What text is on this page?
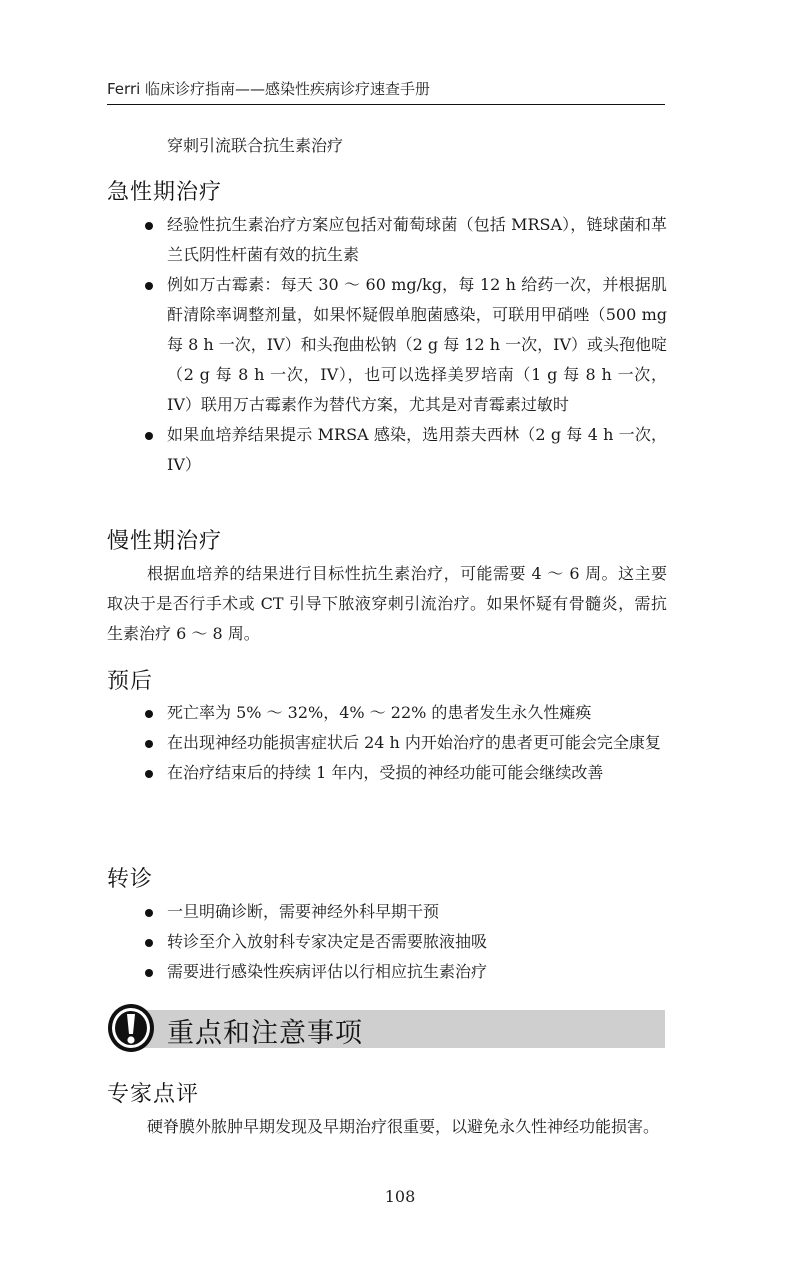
Ferri 临床诊疗指南——感染性疾病诊疗速查手册
穿刺引流联合抗生素治疗
急性期治疗
经验性抗生素治疗方案应包括对葡萄球菌（包括 MRSA），链球菌和革兰氏阴性杆菌有效的抗生素
例如万古霉素：每天 30 ～ 60 mg/kg，每 12 h 给药一次，并根据肌酐清除率调整剂量，如果怀疑假单胞菌感染，可联用甲硝唑（500 mg 每 8 h 一次，IV）和头孢曲松钠（2 g 每 12 h 一次，IV）或头孢他啶（2 g 每 8 h 一次，IV），也可以选择美罗培南（1 g 每 8 h 一次，IV）联用万古霉素作为替代方案，尤其是对青霉素过敏时
如果血培养结果提示 MRSA 感染，选用萘夫西林（2 g 每 4 h 一次，IV）
慢性期治疗
根据血培养的结果进行目标性抗生素治疗，可能需要 4 ～ 6 周。这主要取决于是否行手术或 CT 引导下脓液穿刺引流治疗。如果怀疑有骨髓炎，需抗生素治疗 6 ～ 8 周。
预后
死亡率为 5% ～ 32%，4% ～ 22% 的患者发生永久性瘫痪
在出现神经功能损害症状后 24 h 内开始治疗的患者更可能会完全康复
在治疗结束后的持续 1 年内，受损的神经功能可能会继续改善
转诊
一旦明确诊断，需要神经外科早期干预
转诊至介入放射科专家决定是否需要脓液抽吸
需要进行感染性疾病评估以行相应抗生素治疗
重点和注意事项
专家点评
硬脊膜外脓肿早期发现及早期治疗很重要，以避免永久性神经功能损害。
108
